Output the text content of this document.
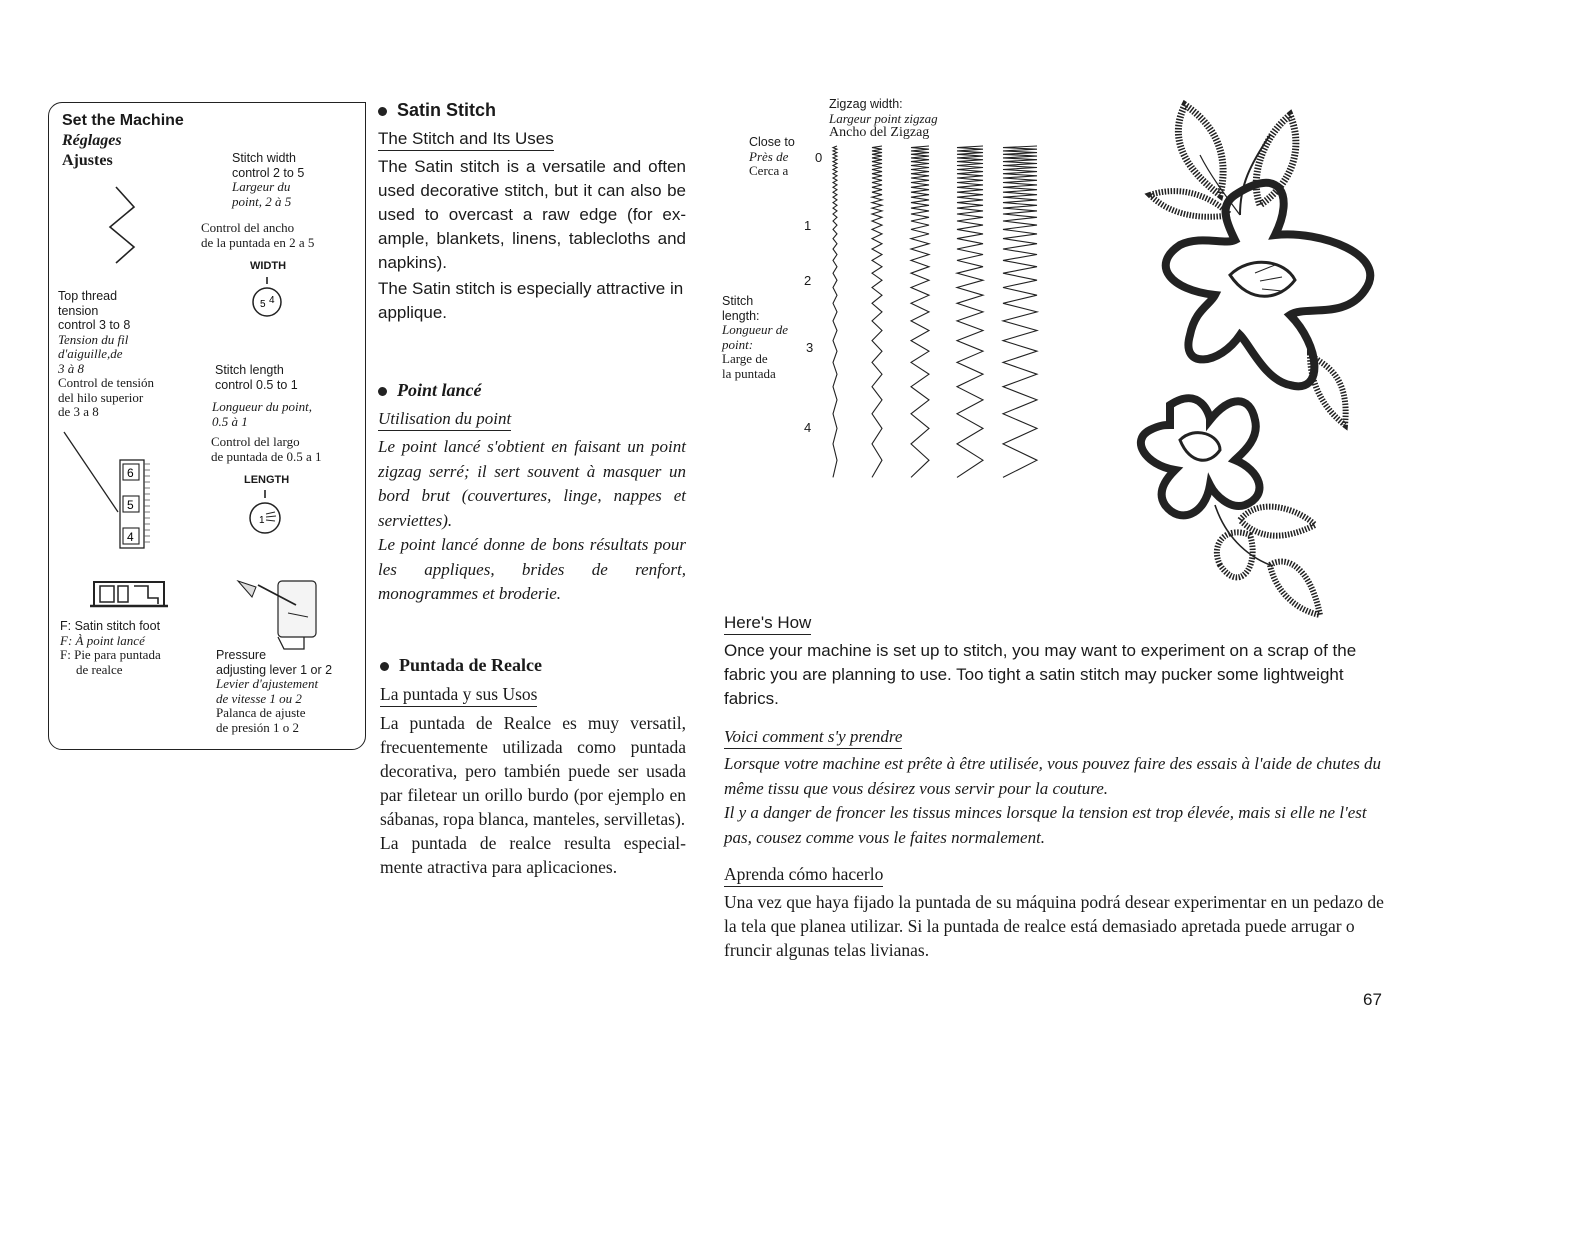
Set the Machine
Réglages
Ajustes	Stitch width
control 2 to 5
Largeur du
point, 2 à 5
Control del ancho
de la puntada en 2 a 5
WIDTH
5 4
Top thread
tension
control 3 to 8
Tension du fil
d'aiguille,de
3 à 8
Control de tensión
del hilo superior
de 3 a 8
6
5
4
Stitch length
control 0.5 to 1
Longueur du point,
0.5 à 1
Control del largo
de puntada de 0.5 a 1
LENGTH
1
F: Satin stitch foot
F: À point lancé
F: Pie para puntada
de realce
Pressure
adjusting lever 1 or 2
Levier d'ajustement
de vitesse 1 ou 2
Palanca de ajuste
de presión 1 o 2
Satin Stitch
The Stitch and Its Uses
The Satin stitch is a versatile and often used decorative stitch, but it can also be used to overcast a raw edge (for ex- ample, blankets, linens, tablecloths and napkins).
The Satin stitch is especially attractive in applique.
Point lancé
Utilisation du point
Le point lancé s'obtient en faisant un point zigzag serré; il sert souvent à masquer un bord brut (couvertures, linge, nappes et serviettes).
Le point lancé donne de bons résultats pour les appliques, brides de renfort, monogrammes et broderie.
Puntada de Realce
La puntada y sus Usos
La puntada de Realce es muy versatil, frecuentemente utilizada como puntada decorativa, pero también puede ser usada par filetear un orillo burdo (por ejemplo en sábanas, ropa blanca, manteles, servilletas).
La puntada de realce resulta especial- mente atractiva para aplicaciones.
Zigzag width:
Largeur point zigzag
Ancho del Zigzag
Close to
Près de
Cerca a
Stitch
length:
Longueur de
point:
Large de
la puntada
0
1
2
3
4
Here's How
Once your machine is set up to stitch, you may want to experiment on a scrap of the fabric you are planning to use. Too tight a satin stitch may pucker some lightweight fabrics.
Voici comment s'y prendre
Lorsque votre machine est prête à être utilisée, vous pouvez faire des essais à l'aide de chutes du même tissu que vous désirez vous servir pour la couture.
Il y a danger de froncer les tissus minces lorsque la tension est trop élevée, mais si elle ne l'est pas, cousez comme vous le faites normalement.
Aprenda cómo hacerlo
Una vez que haya fijado la puntada de su máquina podrá desear experimentar en un pedazo de la tela que planea utilizar. Si la puntada de realce está demasiado apretada puede arrugar o fruncir algunas telas livianas.
67
